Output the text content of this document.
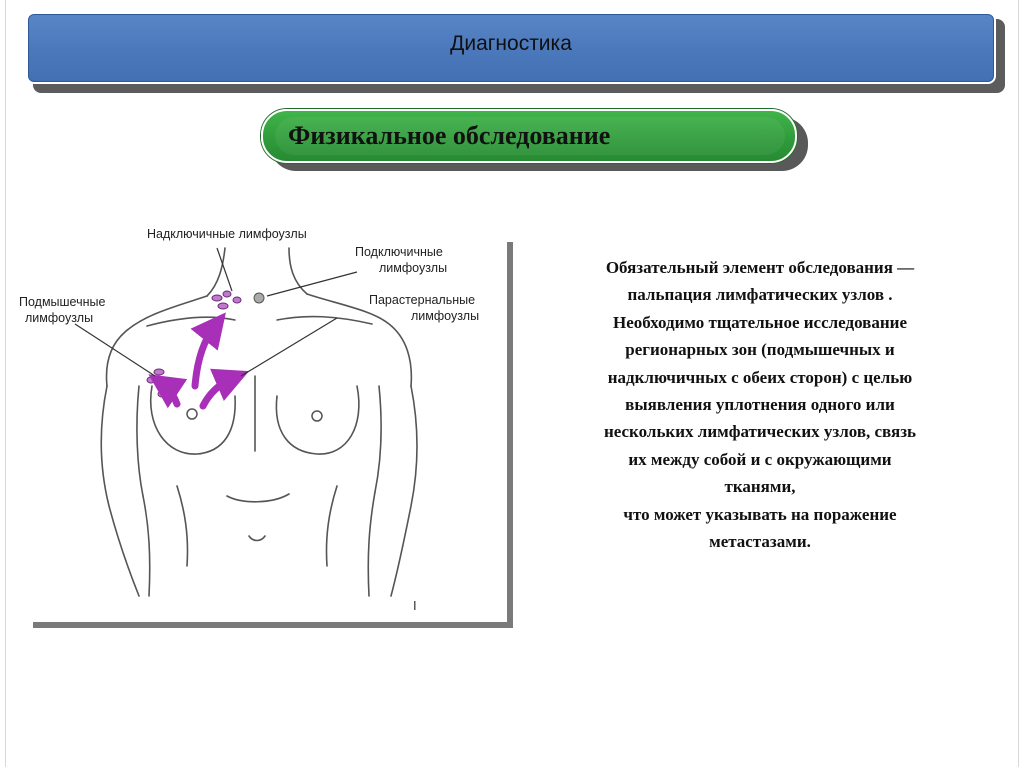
Диагностика
Физикальное обследование
Надключичные лимфоузлы
Подключичные
лимфоузлы
Подмышечные
лимфоузлы
Парастернальные
лимфоузлы
I
Обязательный элемент обследования —
пальпация лимфатических узлов .
Необходимо тщательное исследование
регионарных зон (подмышечных и
надключичных с обеих сторон) с целью
выявления уплотнения одного или
нескольких лимфатических узлов, связь
их между собой и с окружающими
тканями,
что может указывать на поражение
метастазами.
